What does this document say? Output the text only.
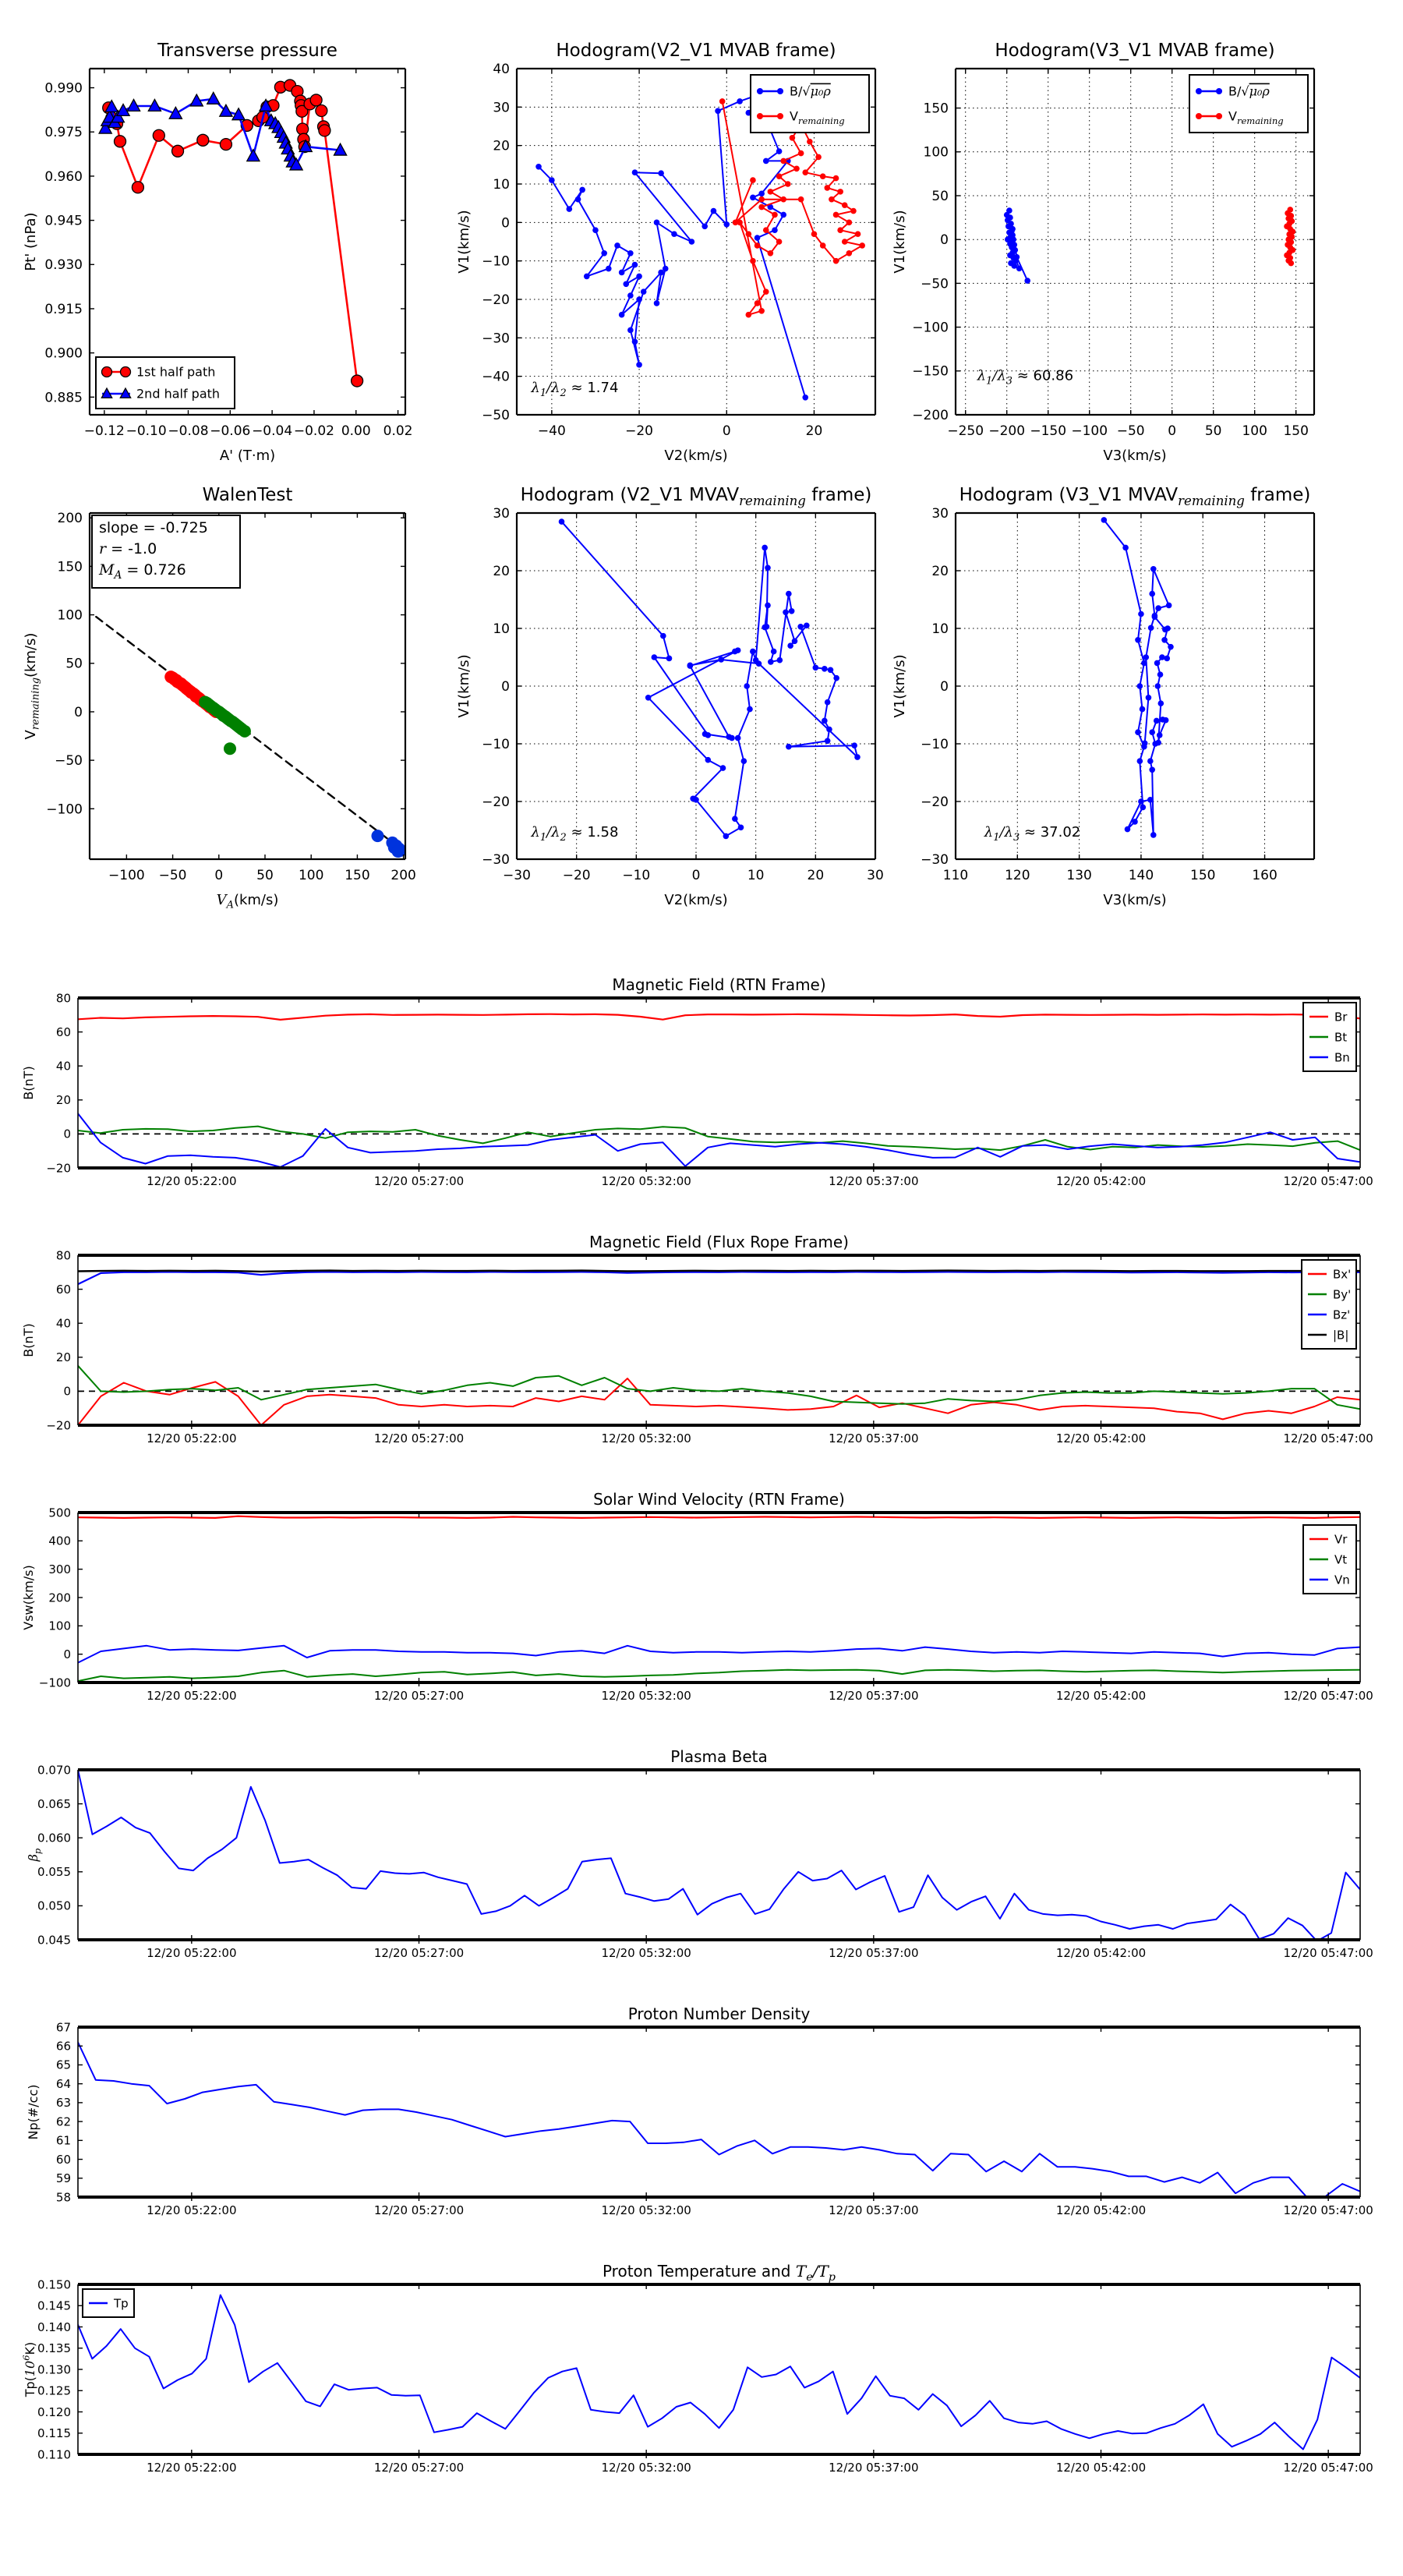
−0.12 −0.10 −0.08 −0.06 −0.04 −0.02 0.00 0.02
0.885
0.900
0.915
0.930
0.945
0.960
0.975
0.990
Transverse pressure
A' (T·m)
Pt' (nPa)
1st half path
2nd half path
−40	−20	0	20
−50
−40
−30
−20
−10
0
10
20
30
40
Hodogram(V2_V1 MVAB frame)
V2(km/s)
V1(km/s)
$\lambda_1/\lambda_2 \approx 1.74$
B/√μ₀ρ
$V_{remaining}$
−250 −200 −150 −100 −50 0 50 100 150
−200
−150
−100
−50
0
50
100
150
Hodogram(V3_V1 MVAB frame)
V3(km/s)
V1(km/s)
$\lambda_1/\lambda_3 \approx 60.86$
B/√μ₀ρ
$V_{remaining}$
−100 −50 0	50 100 150 200
−100
−50
0
50
100
150
200
WalenTest
$V_A(km/s)$
$V_{remaining}(km/s)$
slope = -0.725
r = -1.0
$M_A = 0.726$
−30 −20 −10	0	10	20	30
−30
−20
−10
0
10
20
30
Hodogram (V2_V1 $MVAV_{remaining}$ frame)
V2(km/s)
V1(km/s)
$\lambda_1/\lambda_2 \approx 1.58$
110	120	130	140	150	160
−30
−20
−10
0
10
20
30
Hodogram (V3_V1 $MVAV_{remaining}$ frame)
V3(km/s)
V1(km/s)
$\lambda_1/\lambda_3 \approx 37.02$
12/20 05:22:00	12/20 05:27:00	12/20 05:32:00	12/20 05:37:00	12/20 05:42:00	12/20 05:47:00
−20
0
20
40
60
80
Magnetic Field (RTN Frame)
B(nT)
Br
Bt
Bn
12/20 05:22:00	12/20 05:27:00	12/20 05:32:00	12/20 05:37:00	12/20 05:42:00	12/20 05:47:00
−20
0
20
40
60
80
Magnetic Field (Flux Rope Frame)
B(nT)
Bx'
By'
Bz'
|B|
12/20 05:22:00	12/20 05:27:00	12/20 05:32:00	12/20 05:37:00	12/20 05:42:00	12/20 05:47:00
−100
0
100
200
300
400
500
Solar Wind Velocity (RTN Frame)
Vsw(km/s)
Vr
Vt
Vn
12/20 05:22:00	12/20 05:27:00	12/20 05:32:00	12/20 05:37:00	12/20 05:42:00	12/20 05:47:00
0.045
0.050
0.055
0.060
0.065
0.070
Plasma Beta
$\beta_p$
12/20 05:22:00	12/20 05:27:00	12/20 05:32:00	12/20 05:37:00	12/20 05:42:00	12/20 05:47:00
58
59
60
61
62
63
64
65
66
67
Proton Number Density
Np(#/cc)
12/20 05:22:00	12/20 05:27:00	12/20 05:32:00	12/20 05:37:00	12/20 05:42:00	12/20 05:47:00
0.110
0.115
0.120
0.125
0.130
0.135
0.140
0.145
0.150
Proton Temperature and $T_e/T_p$
$Tp(10^6K)$
Tp
